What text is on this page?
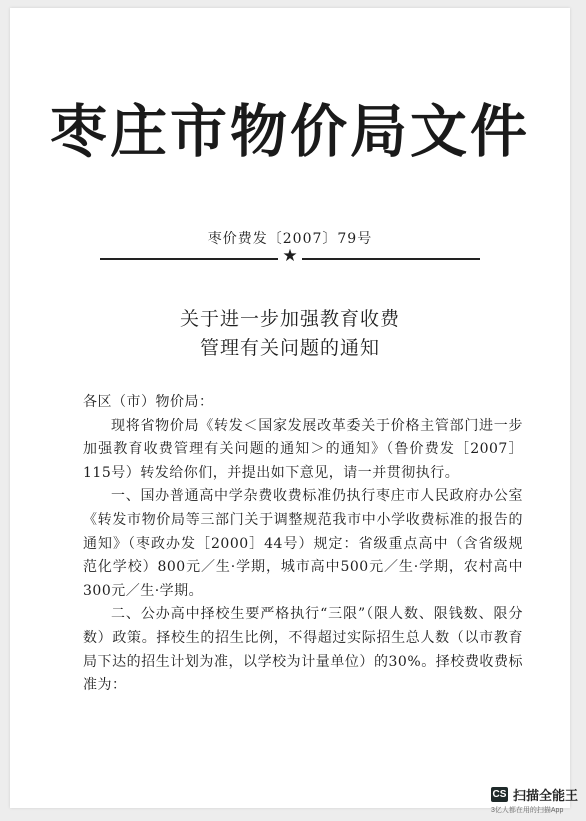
枣庄市物价局文件
枣价费发〔2007〕79号
★
关于进一步加强教育收费
管理有关问题的通知

各区（市）物价局：

现将省物价局《转发＜国家发展改革委关于价格主管部门进一步加强教育收费管理有关问题的通知＞的通知》（鲁价费发［2007］115号）转发给你们，并提出如下意见，请一并贯彻执行。

一、国办普通高中学杂费收费标准仍执行枣庄市人民政府办公室《转发市物价局等三部门关于调整规范我市中小学收费标准的报告的通知》（枣政办发［2000］44号）规定：省级重点高中（含省级规范化学校）800元／生·学期，城市高中500元／生·学期，农村高中300元／生·学期。

二、公办高中择校生要严格执行“三限”（限人数、限钱数、限分数）政策。择校生的招生比例，不得超过实际招生总人数（以市教育局下达的招生计划为准，以学校为计量单位）的30%。择校费收费标准为：

CS 扫描全能王
3亿人都在用的扫描App
